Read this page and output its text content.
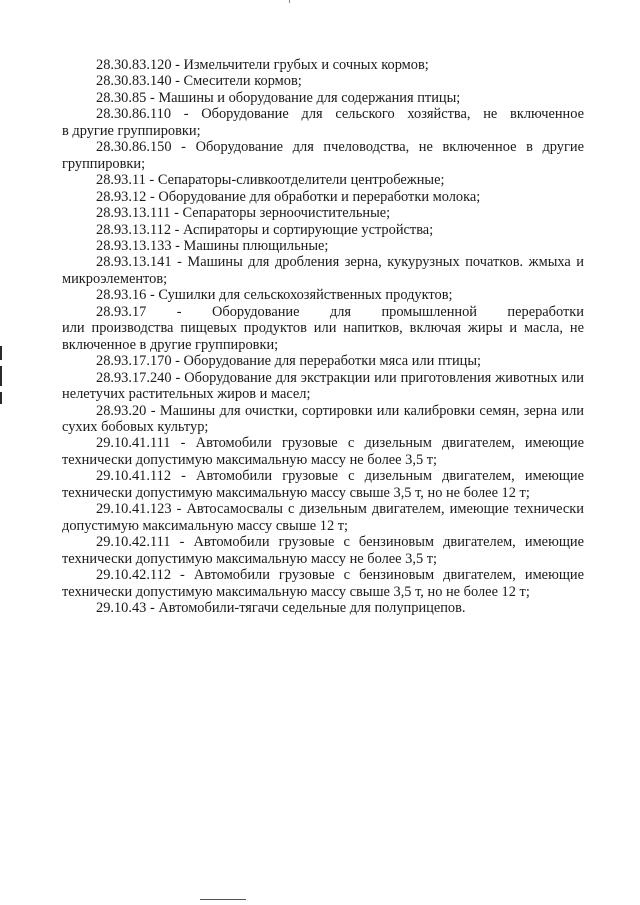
28.30.83.120 - Измельчители грубых и сочных кормов;
28.30.83.140 - Смесители кормов;
28.30.85 - Машины и оборудование для содержания птицы;
28.30.86.110 - Оборудование для сельского хозяйства, не включенное
в другие группировки;
28.30.86.150 - Оборудование для пчеловодства, не включенное в другие
группировки;
28.93.11 - Сепараторы-сливкоотделители центробежные;
28.93.12 - Оборудование для обработки и переработки молока;
28.93.13.111 - Сепараторы зерноочистительные;
28.93.13.112 - Аспираторы и сортирующие устройства;
28.93.13.133 - Машины плющильные;
28.93.13.141 - Машины для дробления зерна, кукурузных початков. жмыха и
микроэлементов;
28.93.16 - Сушилки для сельскохозяйственных продуктов;
28.93.17 - Оборудование для промышленной переработки
или производства пищевых продуктов или напитков, включая жиры и масла, не
включенное в другие группировки;
28.93.17.170 - Оборудование для переработки мяса или птицы;
28.93.17.240 - Оборудование для экстракции или приготовления животных или
нелетучих растительных жиров и масел;
28.93.20 - Машины для очистки, сортировки или калибровки семян, зерна или
сухих бобовых культур;
29.10.41.111 - Автомобили грузовые с дизельным двигателем, имеющие
технически допустимую максимальную массу не более 3,5 т;
29.10.41.112 - Автомобили грузовые с дизельным двигателем, имеющие
технически допустимую максимальную массу свыше 3,5 т, но не более 12 т;
29.10.41.123 - Автосамосвалы с дизельным двигателем, имеющие технически
допустимую максимальную массу свыше 12 т;
29.10.42.111 - Автомобили грузовые с бензиновым двигателем, имеющие
технически допустимую максимальную массу не более 3,5 т;
29.10.42.112 - Автомобили грузовые с бензиновым двигателем, имеющие
технически допустимую максимальную массу свыше 3,5 т, но не более 12 т;
29.10.43 - Автомобили-тягачи седельные для полуприцепов.
